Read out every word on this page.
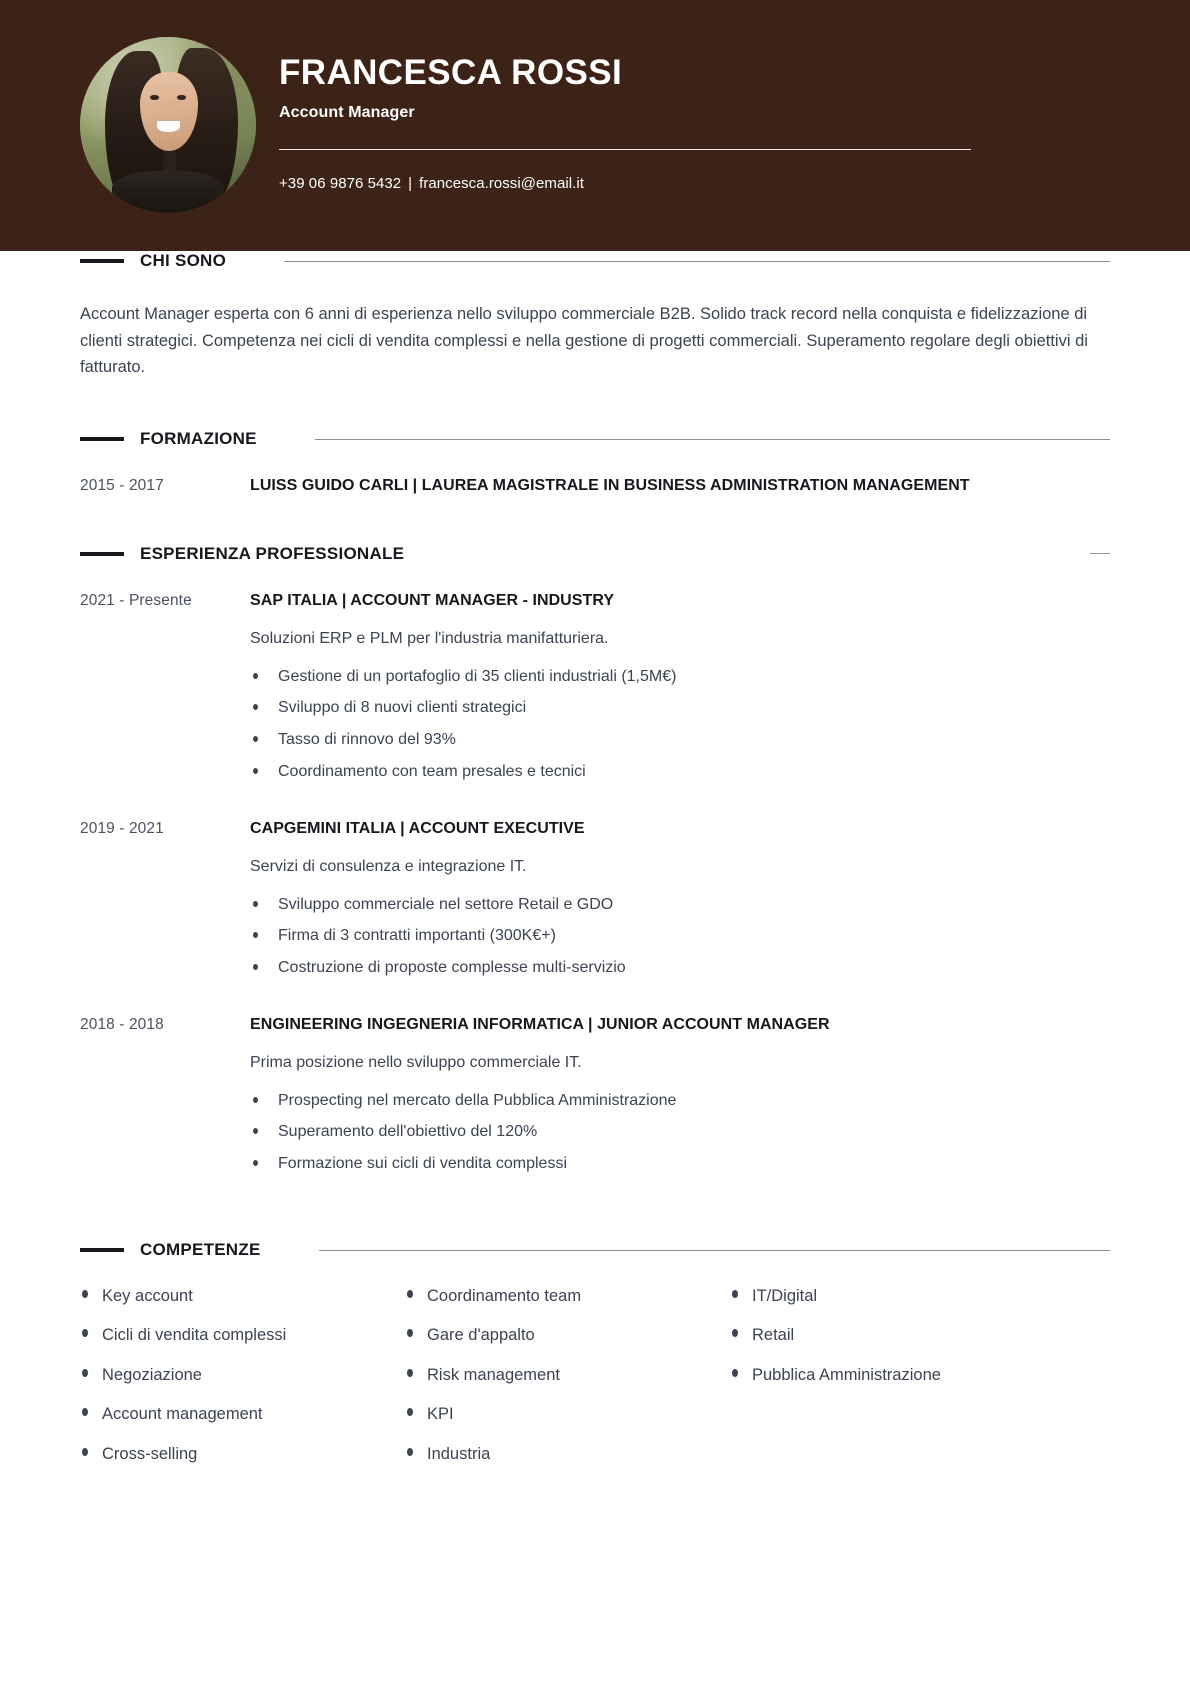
FRANCESCA ROSSI
Account Manager
+39 06 9876 5432 | francesca.rossi@email.it
CHI SONO

Account Manager esperta con 6 anni di esperienza nello sviluppo commerciale B2B. Solido track record nella conquista e fidelizzazione di clienti strategici. Competenza nei cicli di vendita complessi e nella gestione di progetti commerciali. Superamento regolare degli obiettivi di fatturato.

FORMAZIONE
2015 - 2017	LUISS GUIDO CARLI | LAUREA MAGISTRALE IN BUSINESS ADMINISTRATION MANAGEMENT
ESPERIENZA PROFESSIONALE
2021 - Presente	SAP ITALIA | ACCOUNT MANAGER - INDUSTRY
Soluzioni ERP e PLM per l'industria manifatturiera.
Gestione di un portafoglio di 35 clienti industriali (1,5M€)
Sviluppo di 8 nuovi clienti strategici
Tasso di rinnovo del 93%
Coordinamento con team presales e tecnici
2019 - 2021	CAPGEMINI ITALIA | ACCOUNT EXECUTIVE
Servizi di consulenza e integrazione IT.
Sviluppo commerciale nel settore Retail e GDO
Firma di 3 contratti importanti (300K€+)
Costruzione di proposte complesse multi-servizio
2018 - 2018	ENGINEERING INGEGNERIA INFORMATICA | JUNIOR ACCOUNT MANAGER
Prima posizione nello sviluppo commerciale IT.
Prospecting nel mercato della Pubblica Amministrazione
Superamento dell'obiettivo del 120%
Formazione sui cicli di vendita complessi
COMPETENZE
Key account
Cicli di vendita complessi
Negoziazione
Account management
Cross-selling
Coordinamento team
Gare d'appalto
Risk management
KPI
Industria
IT/Digital
Retail
Pubblica Amministrazione
